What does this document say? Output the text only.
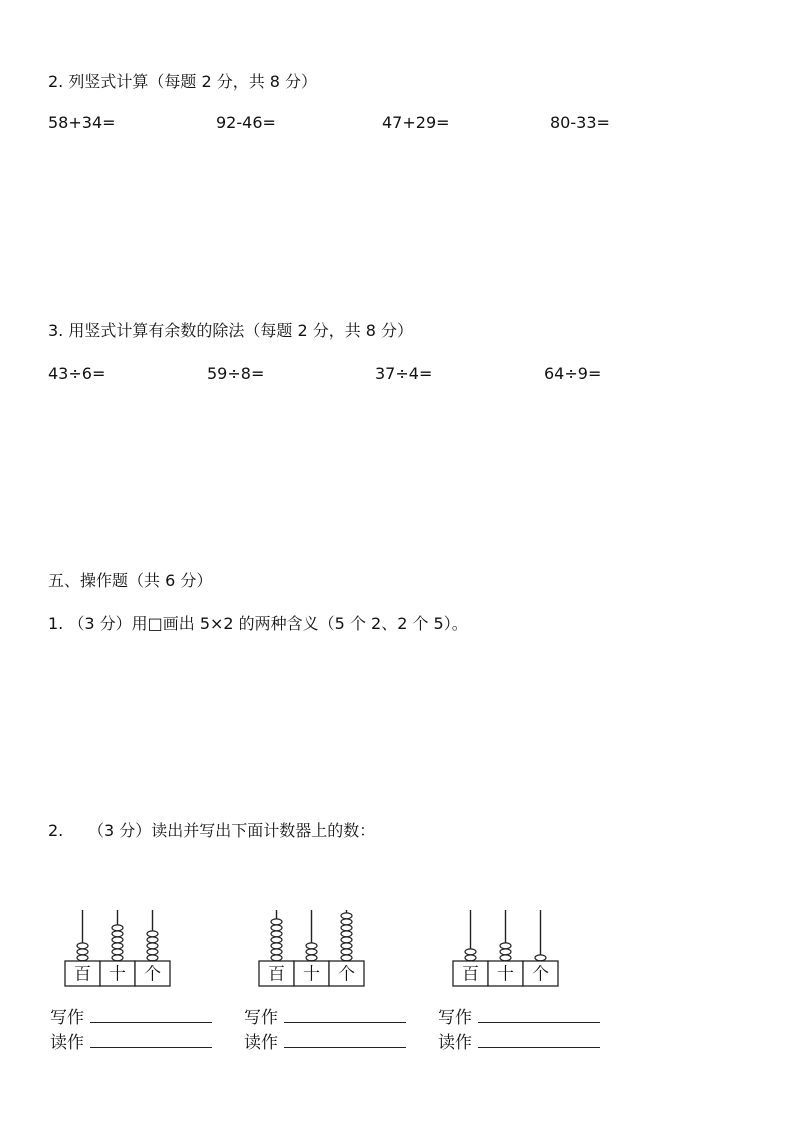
2. 列竖式计算（每题 2 分，共 8 分）
58+34=	92-46=	47+29=	80-33=
3. 用竖式计算有余数的除法（每题 2 分，共 8 分）
43÷6=	59÷8=	37÷4=	64÷9=
五、操作题（共 6 分）
1. （3 分）用□画出 5×2 的两种含义（5 个 2、2 个 5）。
2. （3 分）读出并写出下面计数器上的数：
百 十 个	百 十 个	百 十 个
写作
读作
写作
读作
写作
读作
